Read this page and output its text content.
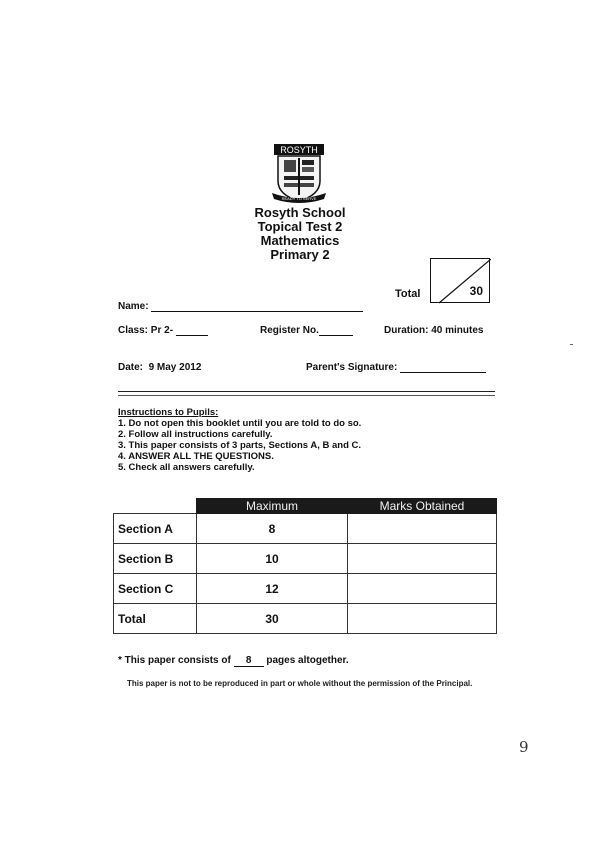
ROSYTH
READY TO SERVE
Rosyth School
Topical Test 2
Mathematics
Primary 2
Total	30
Name:
Class: Pr 2-	Register No.	Duration: 40 minutes
Date: 9 May 2012	Parent's Signature:
Instructions to Pupils:
1. Do not open this booklet until you are told to do so.
2. Follow all instructions carefully.
3. This paper consists of 3 parts, Sections A, B and C.
4. ANSWER ALL THE QUESTIONS.
5. Check all answers carefully.
	Maximum	Marks Obtained
Section A	8	
Section B	10	
Section C	12	
Total	30	
* This paper consists of 8 pages altogether.
This paper is not to be reproduced in part or whole without the permission of the Principal.
9
